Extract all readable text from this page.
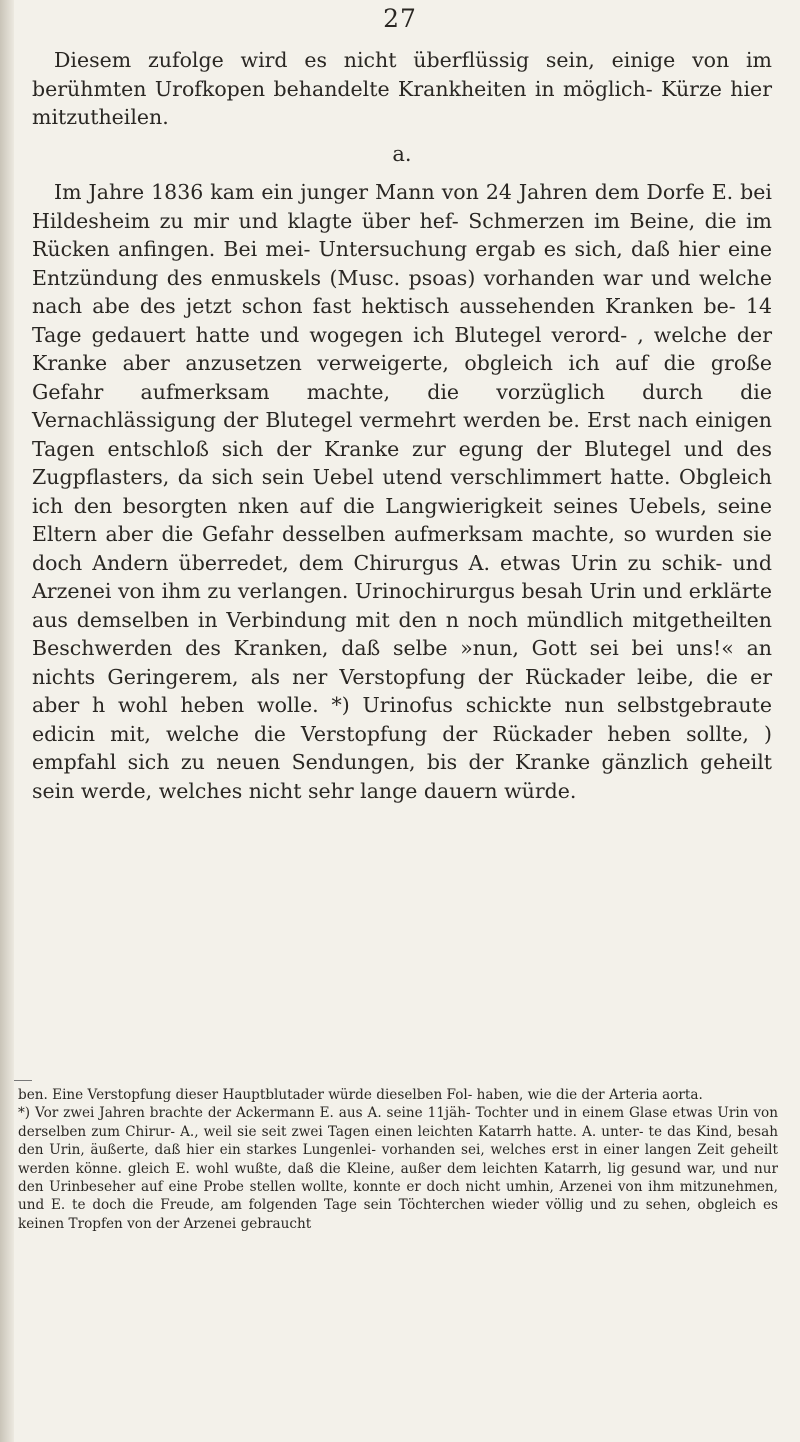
27

Diesem zufolge wird es nicht überflüssig sein, einige von im berühmten Urofkopen behandelte Krankheiten in möglich- Kürze hier mitzutheilen.

a.

Im Jahre 1836 kam ein junger Mann von 24 Jahren dem Dorfe E. bei Hildesheim zu mir und klagte über hef- Schmerzen im Beine, die im Rücken anfingen. Bei mei- Untersuchung ergab es sich, daß hier eine Entzündung des enmuskels (Musc. psoas) vorhanden war und welche nach abe des jetzt schon fast hektisch aussehenden Kranken be- 14 Tage gedauert hatte und wogegen ich Blutegel verord- , welche der Kranke aber anzusetzen verweigerte, obgleich ich auf die große Gefahr aufmerksam machte, die vorzüglich durch die Vernachlässigung der Blutegel vermehrt werden be. Erst nach einigen Tagen entschloß sich der Kranke zur egung der Blutegel und des Zugpflasters, da sich sein Uebel utend verschlimmert hatte. Obgleich ich den besorgten nken auf die Langwierigkeit seines Uebels, seine Eltern aber die Gefahr desselben aufmerksam machte, so wurden sie doch Andern überredet, dem Chirurgus A. etwas Urin zu schik- und Arzenei von ihm zu verlangen. Urinochirurgus besah Urin und erklärte aus demselben in Verbindung mit den n noch mündlich mitgetheilten Beschwerden des Kranken, daß selbe »nun, Gott sei bei uns!« an nichts Geringerem, als ner Verstopfung der Rückader leibe, die er aber h wohl heben wolle. *) Urinofus schickte nun selbstgebraute edicin mit, welche die Verstopfung der Rückader heben sollte, ) empfahl sich zu neuen Sendungen, bis der Kranke gänzlich geheilt sein werde, welches nicht sehr lange dauern würde.

ben. Eine Verstopfung dieser Hauptblutader würde dieselben Fol- haben, wie die der Arteria aorta.

*) Vor zwei Jahren brachte der Ackermann E. aus A. seine 11jäh- Tochter und in einem Glase etwas Urin von derselben zum Chirur- A., weil sie seit zwei Tagen einen leichten Katarrh hatte. A. unter- te das Kind, besah den Urin, äußerte, daß hier ein starkes Lungenlei- vorhanden sei, welches erst in einer langen Zeit geheilt werden könne. gleich E. wohl wußte, daß die Kleine, außer dem leichten Katarrh, lig gesund war, und nur den Urinbeseher auf eine Probe stellen wollte, konnte er doch nicht umhin, Arzenei von ihm mitzunehmen, und E. te doch die Freude, am folgenden Tage sein Töchterchen wieder völlig und zu sehen, obgleich es keinen Tropfen von der Arzenei gebraucht
